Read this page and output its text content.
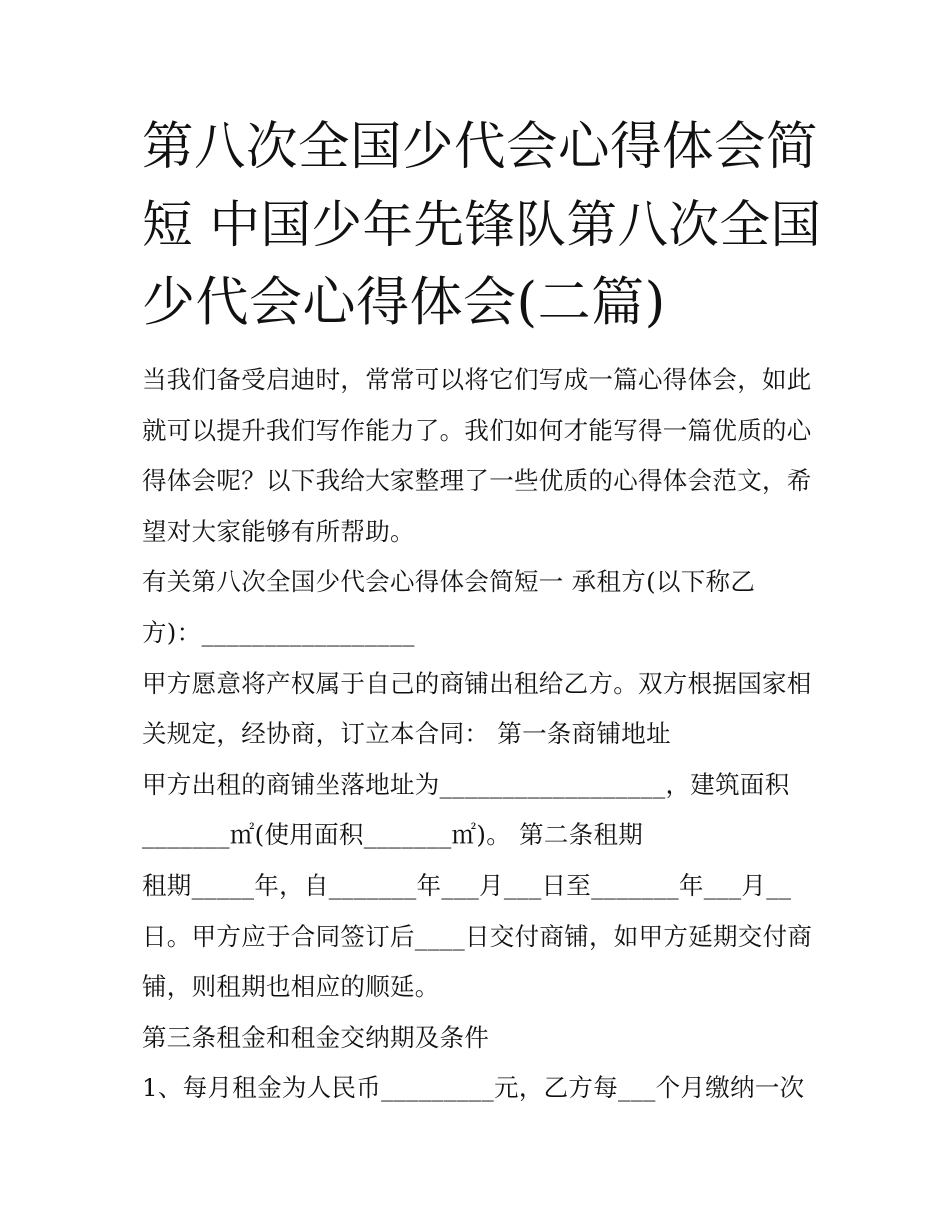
第八次全国少代会心得体会简
短 中国少年先锋队第八次全国
少代会心得体会(二篇)
当我们备受启迪时，常常可以将它们写成一篇心得体会，如此
就可以提升我们写作能力了。我们如何才能写得一篇优质的心
得体会呢？以下我给大家整理了一些优质的心得体会范文，希
望对大家能够有所帮助。
有关第八次全国少代会心得体会简短一 承租方(以下称乙
方)：_________________
甲方愿意将产权属于自己的商铺出租给乙方。双方根据国家相
关规定，经协商，订立本合同： 第一条商铺地址
甲方出租的商铺坐落地址为__________________，建筑面积
_______㎡(使用面积_______㎡)。 第二条租期
租期_____年，自_______年___月___日至_______年___月__
日。甲方应于合同签订后____日交付商铺，如甲方延期交付商
铺，则租期也相应的顺延。
第三条租金和租金交纳期及条件
1、每月租金为人民币_________元，乙方每___个月缴纳一次
